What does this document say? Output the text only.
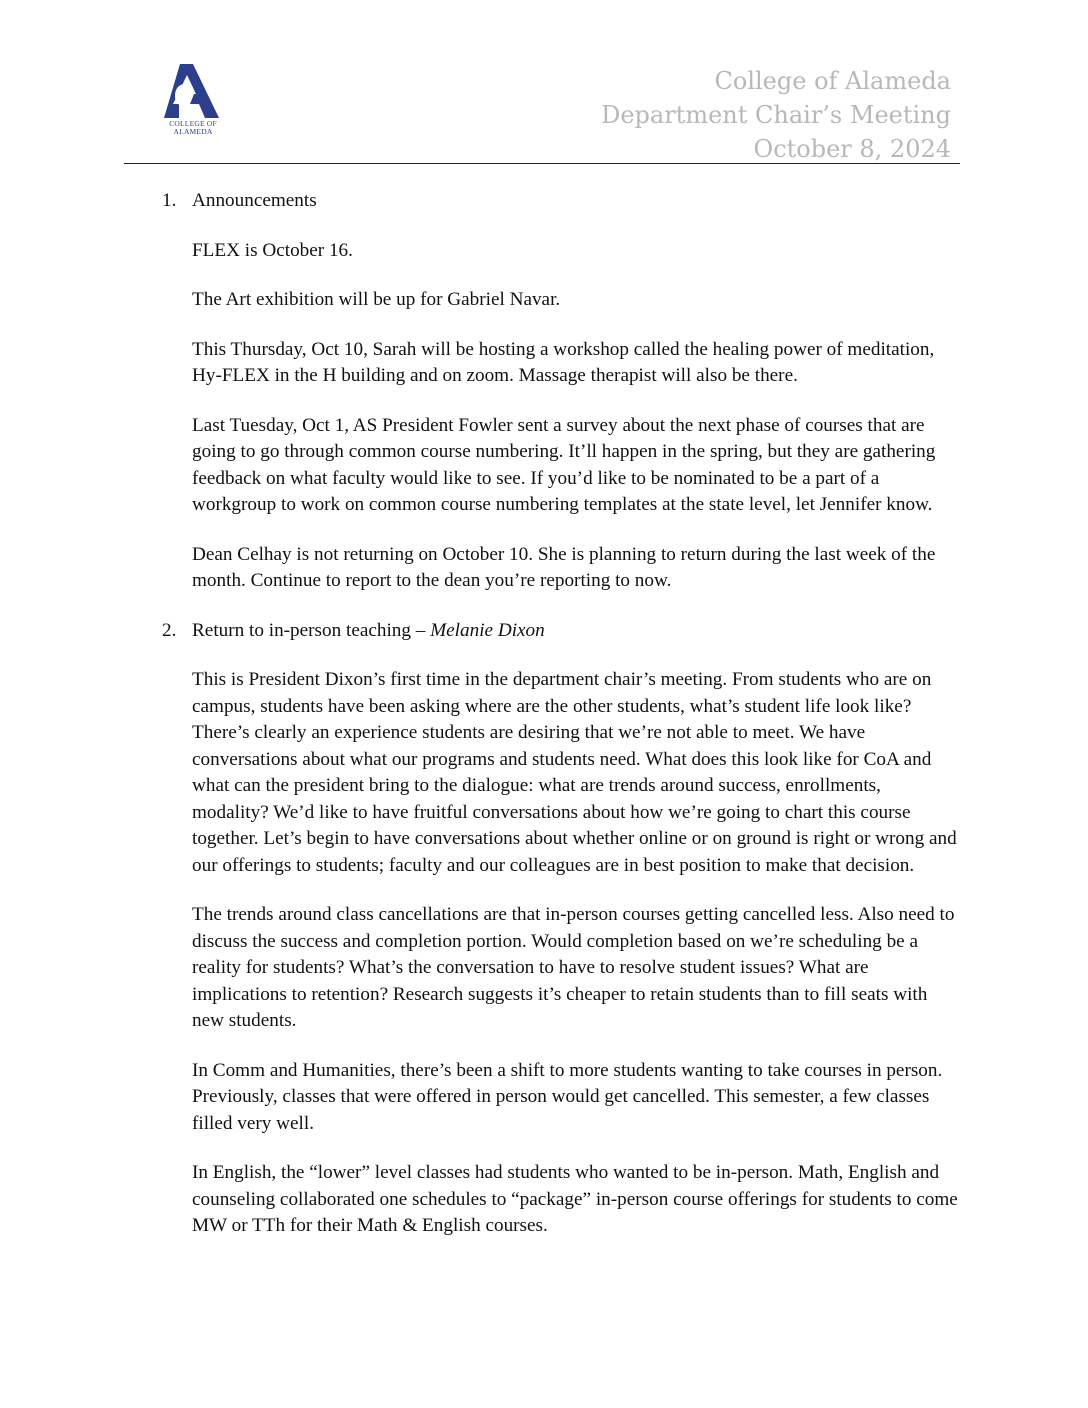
COLLEGE OF
ALAMEDA
College of Alameda
Department Chair’s Meeting
October 8, 2024
1. Announcements

FLEX is October 16.

The Art exhibition will be up for Gabriel Navar.

This Thursday, Oct 10, Sarah will be hosting a workshop called the healing power of meditation, Hy-FLEX in the H building and on zoom. Massage therapist will also be there.

Last Tuesday, Oct 1, AS President Fowler sent a survey about the next phase of courses that are going to go through common course numbering. It’ll happen in the spring, but they are gathering feedback on what faculty would like to see. If you’d like to be nominated to be a part of a workgroup to work on common course numbering templates at the state level, let Jennifer know.

Dean Celhay is not returning on October 10. She is planning to return during the last week of the month. Continue to report to the dean you’re reporting to now.

2. Return to in-person teaching – Melanie Dixon

This is President Dixon’s first time in the department chair’s meeting. From students who are on campus, students have been asking where are the other students, what’s student life look like? There’s clearly an experience students are desiring that we’re not able to meet. We have conversations about what our programs and students need. What does this look like for CoA and what can the president bring to the dialogue: what are trends around success, enrollments, modality? We’d like to have fruitful conversations about how we’re going to chart this course together. Let’s begin to have conversations about whether online or on ground is right or wrong and our offerings to students; faculty and our colleagues are in best position to make that decision.

The trends around class cancellations are that in-person courses getting cancelled less. Also need to discuss the success and completion portion. Would completion based on we’re scheduling be a reality for students? What’s the conversation to have to resolve student issues? What are implications to retention? Research suggests it’s cheaper to retain students than to fill seats with new students.

In Comm and Humanities, there’s been a shift to more students wanting to take courses in person. Previously, classes that were offered in person would get cancelled. This semester, a few classes filled very well.

In English, the “lower” level classes had students who wanted to be in-person. Math, English and counseling collaborated one schedules to “package” in-person course offerings for students to come MW or TTh for their Math & English courses.
